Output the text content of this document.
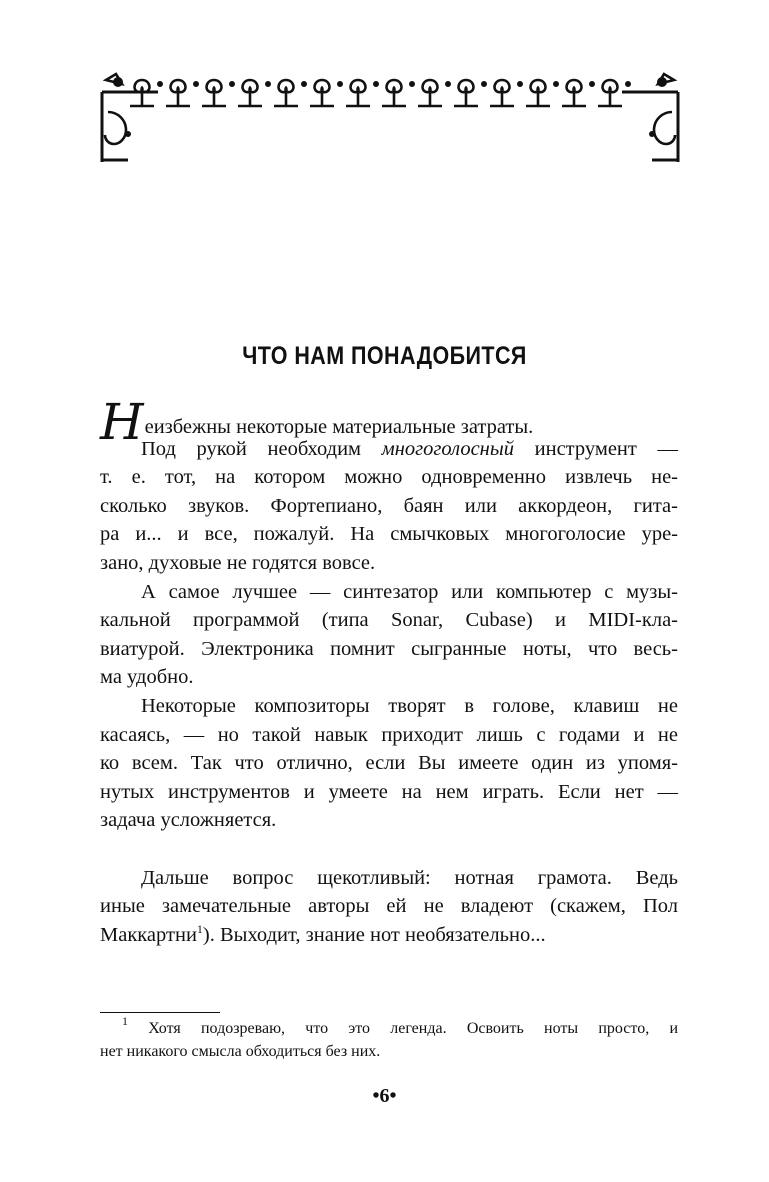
ЧТО НАМ ПОНАДОБИТСЯ
Неизбежны некоторые материальные затраты.
Под рукой необходим многоголосный инструмент —
т. е. тот, на котором можно одновременно извлечь не-
сколько звуков. Фортепиано, баян или аккордеон, гита-
ра и... и все, пожалуй. На смычковых многоголосие уре-
зано, духовые не годятся вовсе.
А самое лучшее — синтезатор или компьютер с музы-
кальной программой (типа Sonar, Cubase) и MIDI-кла-
виатурой. Электроника помнит сыгранные ноты, что весь-
ма удобно.
Некоторые композиторы творят в голове, клавиш не
касаясь, — но такой навык приходит лишь с годами и не
ко всем. Так что отлично, если Вы имеете один из упомя-
нутых инструментов и умеете на нем играть. Если нет —
задача усложняется.
Дальше вопрос щекотливый: нотная грамота. Ведь
иные замечательные авторы ей не владеют (скажем, Пол
Маккартни$^1$). Выходит, знание нот необязательно...
$^1$ Хотя подозреваю, что это легенда. Освоить ноты просто, и
нет никакого смысла обходиться без них.
•6•
